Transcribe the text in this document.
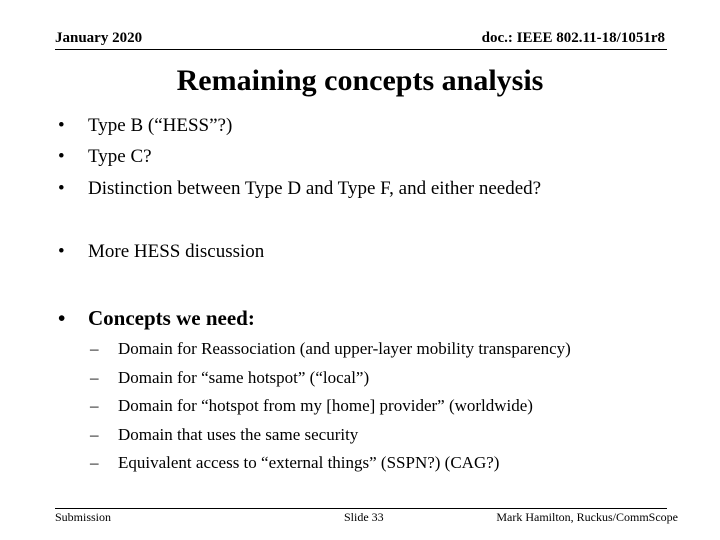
January 2020	doc.: IEEE 802.11-18/1051r8
Remaining concepts analysis
• Type B (“HESS”?)
• Type C?
• Distinction between Type D and Type F, and either needed?
• More HESS discussion
• Concepts we need:
– Domain for Reassociation (and upper-layer mobility transparency)
– Domain for “same hotspot” (“local”)
– Domain for “hotspot from my [home] provider” (worldwide)
– Domain that uses the same security
– Equivalent access to “external things” (SSPN?) (CAG?)
Submission	Slide 33	Mark Hamilton, Ruckus/CommScope
